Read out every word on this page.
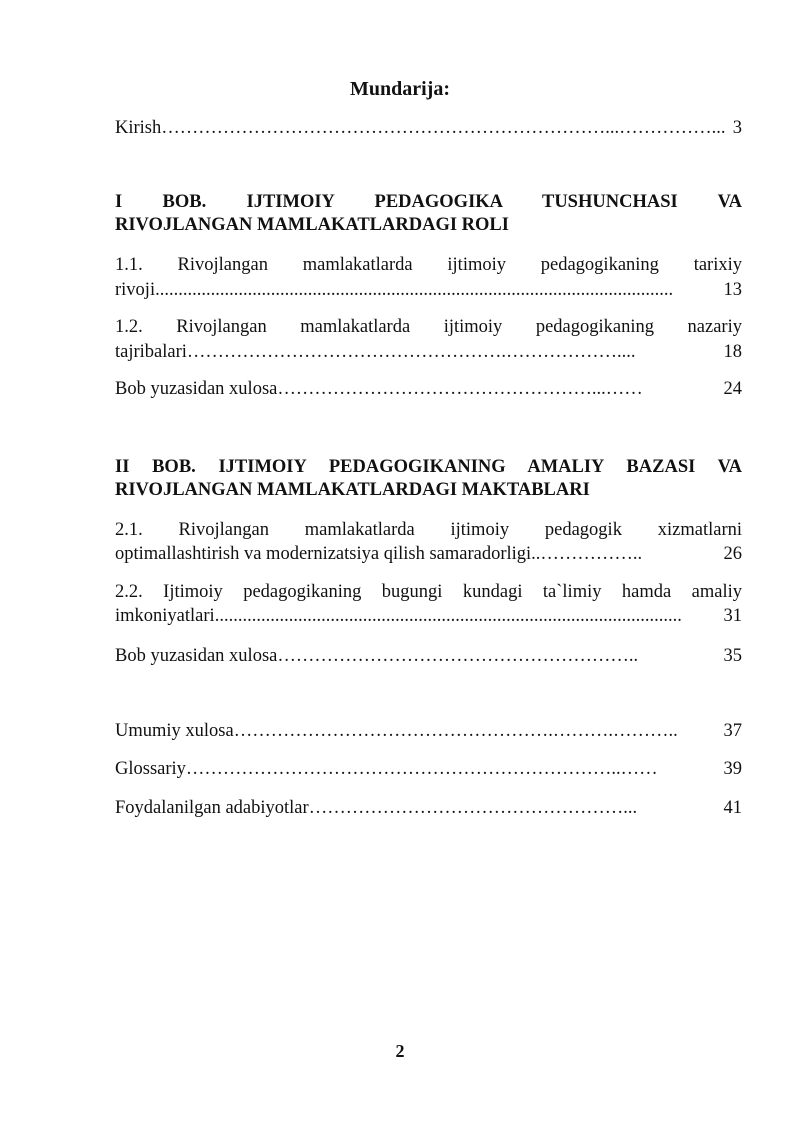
Mundarija:
Kirish ………………………………………………………………...……………... 3
I BOB. IJTIMOIY PEDAGOGIKA TUSHUNCHASI VA
RIVOJLANGAN MAMLAKATLARDAGI ROLI
1.1. Rivojlangan mamlakatlarda ijtimoiy pedagogikaning tarixiy
rivoji ................................................................................................................	13
1.2. Rivojlangan mamlakatlarda ijtimoiy pedagogikaning nazariy
tajribalari …………………………………………….………………....	18
Bob yuzasidan xulosa ……………………………………………...……	24
II BOB. IJTIMOIY PEDAGOGIKANING AMALIY BAZASI VA
RIVOJLANGAN MAMLAKATLARDAGI MAKTABLARI
2.1. Rivojlangan mamlakatlarda ijtimoiy pedagogik xizmatlarni
optimallashtirish va modernizatsiya qilish samaradorligi ..……………..	26
2.2. Ijtimoiy pedagogikaning bugungi kundagi ta`limiy hamda amaliy
imkoniyatlari .....................................................................................................	31
Bob yuzasidan xulosa …………………………………………………..	35
Umumiy xulosa …………………………………………….……….………..	37
Glossariy ……………………………………………………………..……	39
Foydalanilgan adabiyotlar ……………………………………………...	41
2
